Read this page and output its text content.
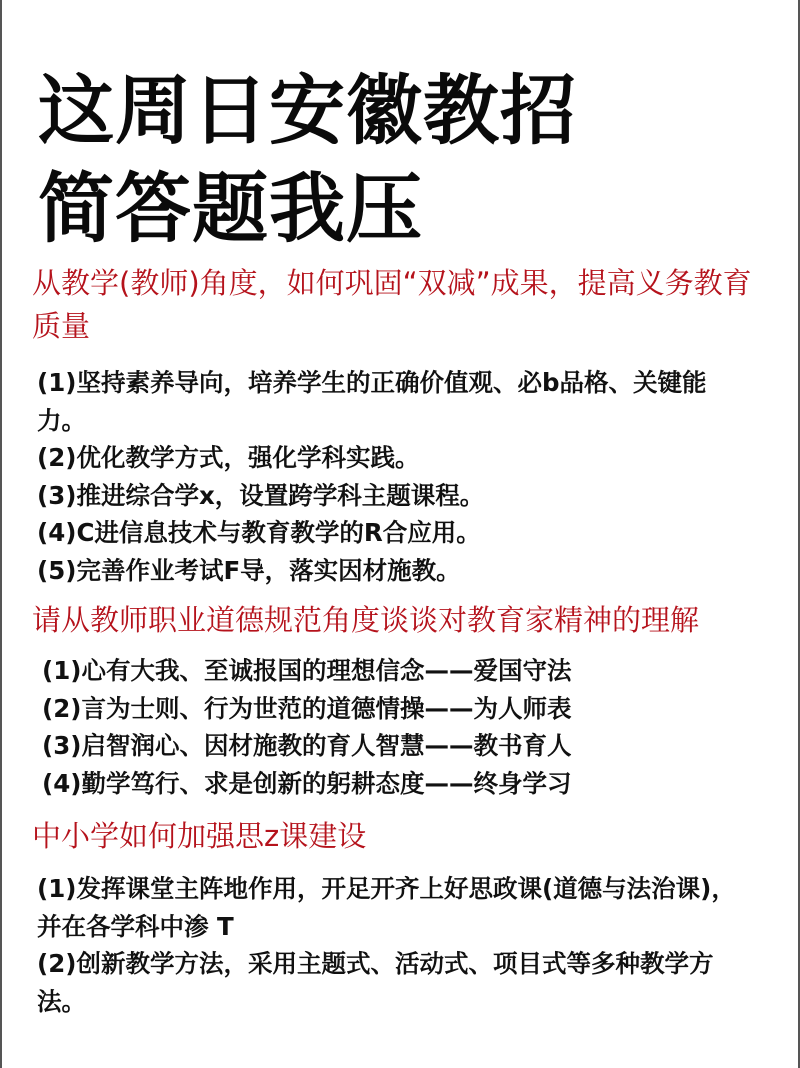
这周日安徽教招
简答题我压
从教学(教师)角度，如何巩固“双减”成果，提高义务教育质量
(1)坚持素养导向，培养学生的正确价值观、必b品格、关键能力。
(2)优化教学方式，强化学科实践。
(3)推进综合学x，设置跨学科主题课程。
(4)C进信息技术与教育教学的R合应用。
(5)完善作业考试F导，落实因材施教。
请从教师职业道德规范角度谈谈对教育家精神的理解
(1)心有大我、至诚报国的理想信念——爱国守法
(2)言为士则、行为世范的道德情操——为人师表
(3)启智润心、因材施教的育人智慧——教书育人
(4)勤学笃行、求是创新的躬耕态度——终身学习
中小学如何加强思z课建设
(1)发挥课堂主阵地作用，开足开齐上好思政课(道德与法治课)，并在各学科中渗 T
(2)创新教学方法，采用主题式、活动式、项目式等多种教学方法。
